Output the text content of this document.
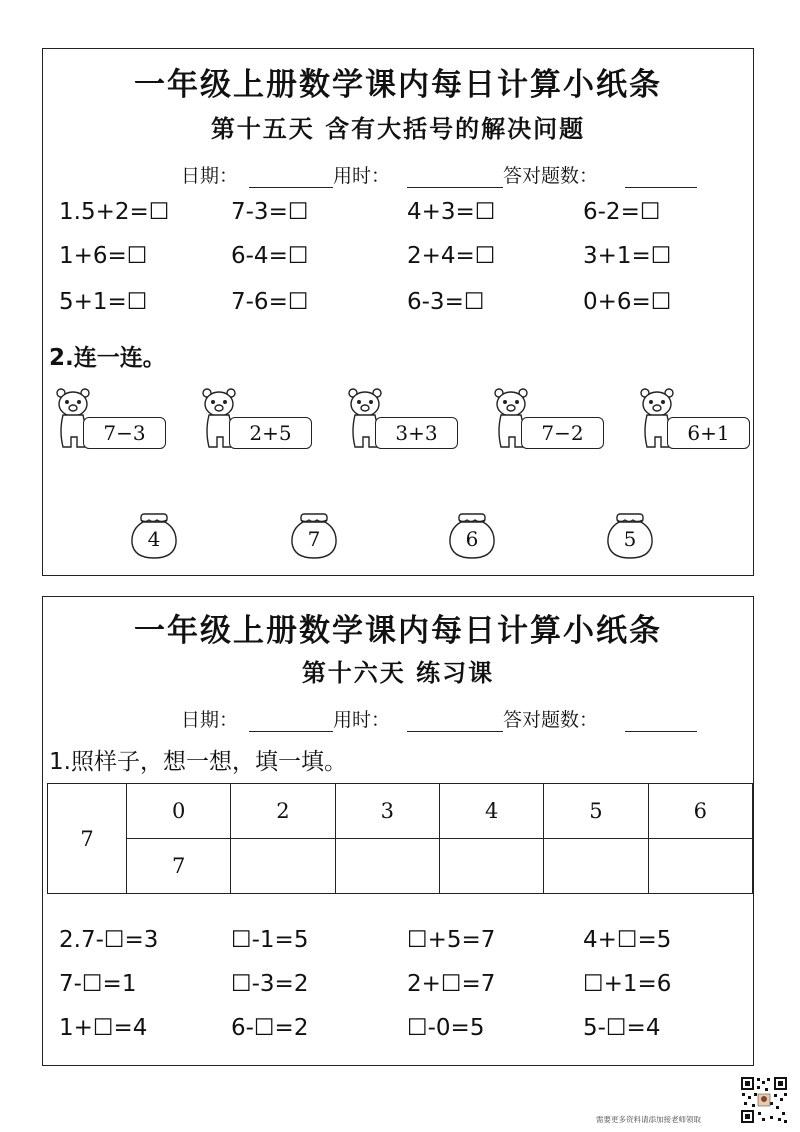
一年级上册数学课内每日计算小纸条
第十五天 含有大括号的解决问题
日期：	用时：	答对题数：
1.5+2=☐	7-3=☐	4+3=☐	6-2=☐
1+6=☐	6-4=☐	2+4=☐	3+1=☐
5+1=☐	7-6=☐	6-3=☐	0+6=☐
2.连一连。
7−3	2+5	3+3	7−2	6+1
4	7	6	5
一年级上册数学课内每日计算小纸条
第十六天 练习课
日期：	用时：	答对题数：
1.照样子，想一想，填一填。
7	0	2	3	4	5	6
	7					
2.7-☐=3	☐-1=5	☐+5=7	4+☐=5
7-☐=1	☐-3=2	2+☐=7	☐+1=6
1+☐=4	6-☐=2	☐-0=5	5-☐=4
需要更多资料请添加接老师领取
